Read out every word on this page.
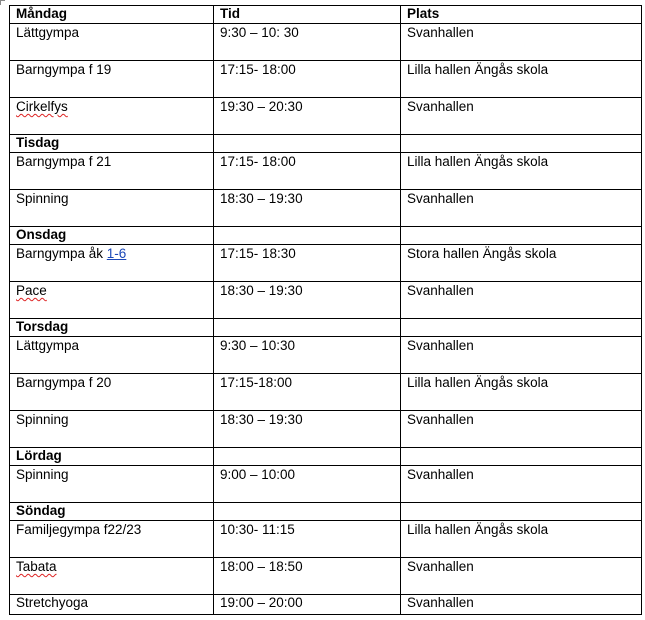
Måndag	Tid	Plats
Lättgympa	9:30 – 10: 30	Svanhallen
Barngympa f 19	17:15- 18:00	Lilla hallen Ängås skola
Cirkelfys	19:30 – 20:30	Svanhallen
Tisdag		
Barngympa f 21	17:15- 18:00	Lilla hallen Ängås skola
Spinning	18:30 – 19:30	Svanhallen
Onsdag		
Barngympa åk 1-6	17:15- 18:30	Stora hallen Ängås skola
Pace	18:30 – 19:30	Svanhallen
Torsdag		
Lättgympa	9:30 – 10:30	Svanhallen
Barngympa f 20	17:15-18:00	Lilla hallen Ängås skola
Spinning	18:30 – 19:30	Svanhallen
Lördag		
Spinning	9:00 – 10:00	Svanhallen
Söndag		
Familjegympa f22/23	10:30- 11:15	Lilla hallen Ängås skola
Tabata	18:00 – 18:50	Svanhallen
Stretchyoga	19:00 – 20:00	Svanhallen
